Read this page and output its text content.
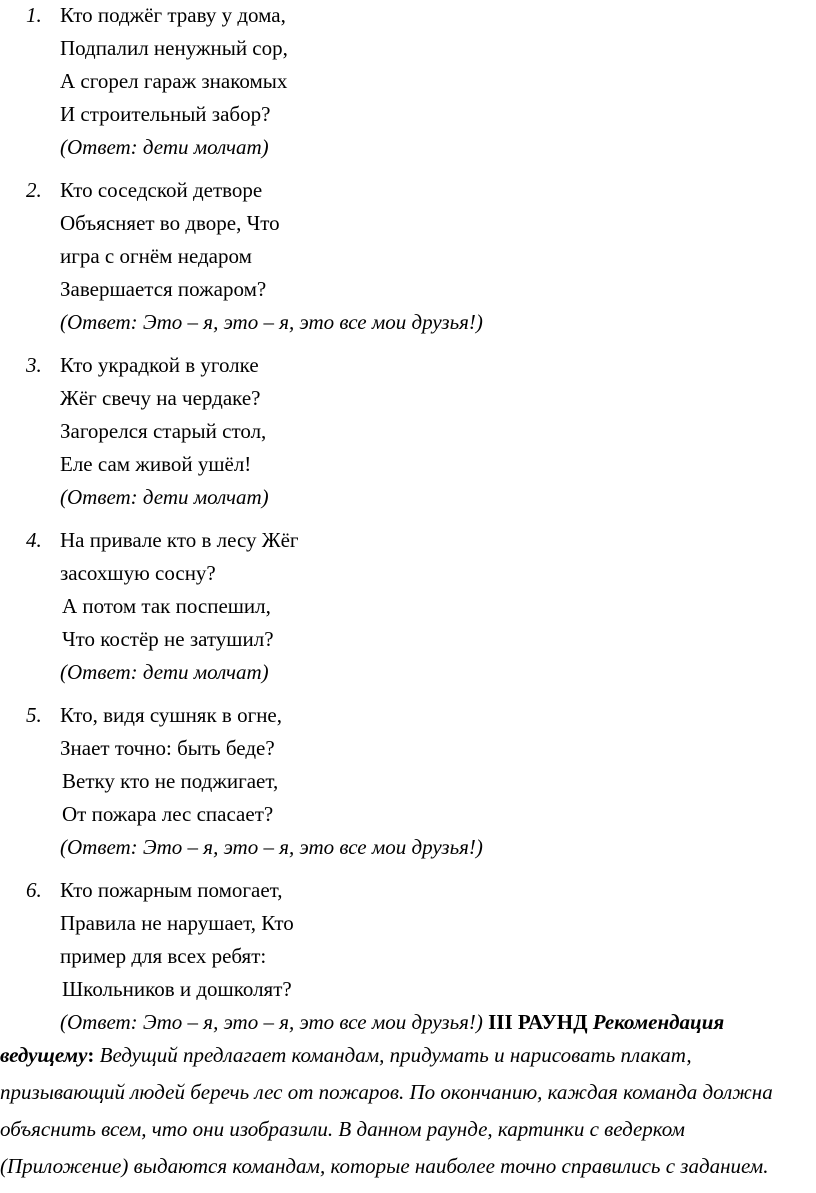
1. Кто поджёг траву у дома,
Подпалил ненужный сор,
А сгорел гараж знакомых
И строительный забор?
(Ответ: дети молчат)
2. Кто соседской детворе
Объясняет во дворе, Что
игра с огнём недаром
Завершается пожаром?
(Ответ: Это – я, это – я, это все мои друзья!)
3. Кто украдкой в уголке
Жёг свечу на чердаке?
Загорелся старый стол,
Еле сам живой ушёл!
(Ответ: дети молчат)
4. На привале кто в лесу Жёг
засохшую сосну?
А потом так поспешил,
Что костёр не затушил?
(Ответ: дети молчат)
5. Кто, видя сушняк в огне,
Знает точно: быть беде?
Ветку кто не поджигает,
От пожара лес спасает?
(Ответ: Это – я, это – я, это все мои друзья!)
6. Кто пожарным помогает,
Правила не нарушает, Кто
пример для всех ребят:
Школьников и дошколят?
(Ответ: Это – я, это – я, это все мои друзья!) III РАУНД Рекомендация
ведущему: Ведущий предлагает командам, придумать и нарисовать плакат,
призывающий людей беречь лес от пожаров. По окончанию, каждая команда должна
объяснить всем, что они изобразили. В данном раунде, картинки с ведерком
(Приложение) выдаются командам, которые наиболее точно справились с заданием.
